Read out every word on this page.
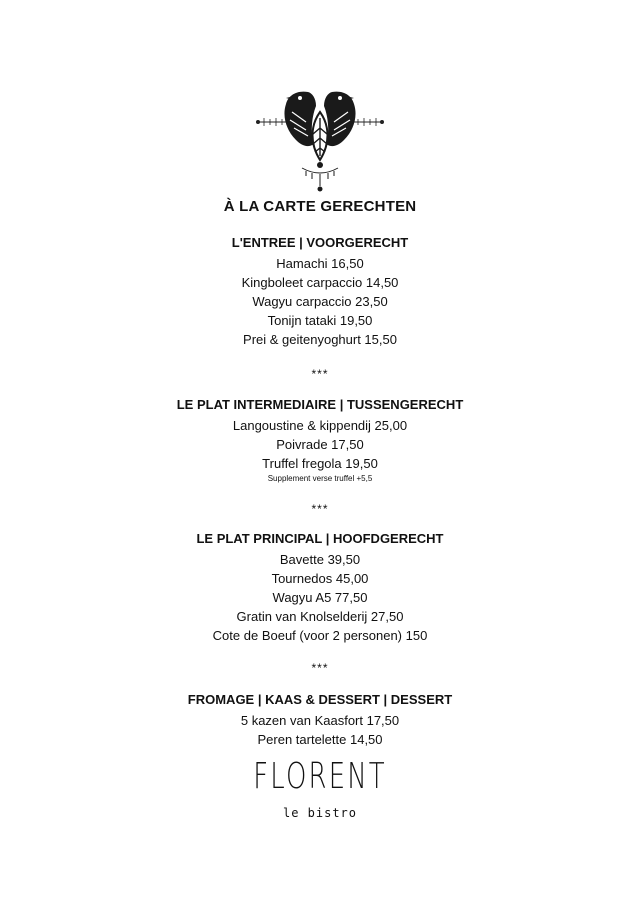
À LA CARTE GERECHTEN
L'ENTREE | VOORGERECHT

Hamachi 16,50

Kingboleet carpaccio 14,50

Wagyu carpaccio 23,50

Tonijn tataki 19,50

Prei & geitenyoghurt 15,50

***
LE PLAT INTERMEDIAIRE | TUSSENGERECHT

Langoustine & kippendij 25,00

Poivrade 17,50

Truffel fregola 19,50

Supplement verse truffel +5,5

***
LE PLAT PRINCIPAL | HOOFDGERECHT

Bavette 39,50

Tournedos 45,00

Wagyu A5 77,50

Gratin van Knolselderij 27,50

Cote de Boeuf (voor 2 personen) 150

***
FROMAGE | KAAS & DESSERT | DESSERT

5 kazen van Kaasfort 17,50

Peren tartelette 14,50

FLORENT
le bistro
